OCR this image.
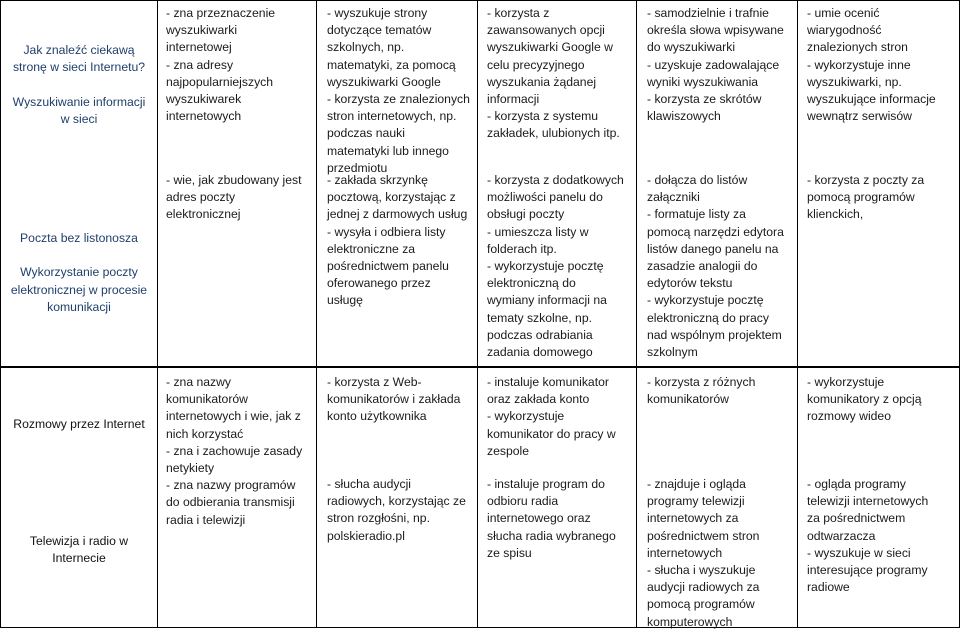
Jak znaleźć ciekawą
stronę w sieci Internetu?

Wyszukiwanie informacji
w sieci
Poczta bez listonosza

Wykorzystanie poczty
elektronicznej w procesie
komunikacji
- zna przeznaczenie
wyszukiwarki
internetowej
- zna adresy
najpopularniejszych
wyszukiwarek
internetowych
- wie, jak zbudowany jest
adres poczty
elektronicznej
- wyszukuje strony
dotyczące tematów
szkolnych, np.
matematyki, za pomocą
wyszukiwarki Google
- korzysta ze znalezionych
stron internetowych, np.
podczas nauki
matematyki lub innego
przedmiotu
- zakłada skrzynkę
pocztową, korzystając z
jednej z darmowych usług
- wysyła i odbiera listy
elektroniczne za
pośrednictwem panelu
oferowanego przez
usługę
- korzysta z
zawansowanych opcji
wyszukiwarki Google w
celu precyzyjnego
wyszukania żądanej
informacji
- korzysta z systemu
zakładek, ulubionych itp.
- korzysta z dodatkowych
możliwości panelu do
obsługi poczty
- umieszcza listy w
folderach itp.
- wykorzystuje pocztę
elektroniczną do
wymiany informacji na
tematy szkolne, np.
podczas odrabiania
zadania domowego
- samodzielnie i trafnie
określa słowa wpisywane
do wyszukiwarki
- uzyskuje zadowalające
wyniki wyszukiwania
- korzysta ze skrótów
klawiszowych
- dołącza do listów
załączniki
- formatuje listy za
pomocą narzędzi edytora
listów danego panelu na
zasadzie analogii do
edytorów tekstu
- wykorzystuje pocztę
elektroniczną do pracy
nad wspólnym projektem
szkolnym
- umie ocenić
wiarygodność
znalezionych stron
- wykorzystuje inne
wyszukiwarki, np.
wyszukujące informacje
wewnątrz serwisów
- korzysta z poczty za
pomocą programów
klienckich,
Rozmowy przez Internet
Telewizja i radio w
Internecie
- zna nazwy
komunikatorów
internetowych i wie, jak z
nich korzystać
- zna i zachowuje zasady
netykiety
- zna nazwy programów
do odbierania transmisji
radia i telewizji
- korzysta z Web-
komunikatorów i zakłada
konto użytkownika
- słucha audycji
radiowych, korzystając ze
stron rozgłośni, np.
polskieradio.pl
- instaluje komunikator
oraz zakłada konto
- wykorzystuje
komunikator do pracy w
zespole
- instaluje program do
odbioru radia
internetowego oraz
słucha radia wybranego
ze spisu
- korzysta z różnych
komunikatorów
- znajduje i ogląda
programy telewizji
internetowych za
pośrednictwem stron
internetowych
- słucha i wyszukuje
audycji radiowych za
pomocą programów
komputerowych
- wykorzystuje
komunikatory z opcją
rozmowy wideo
- ogląda programy
telewizji internetowych
za pośrednictwem
odtwarzacza
- wyszukuje w sieci
interesujące programy
radiowe
